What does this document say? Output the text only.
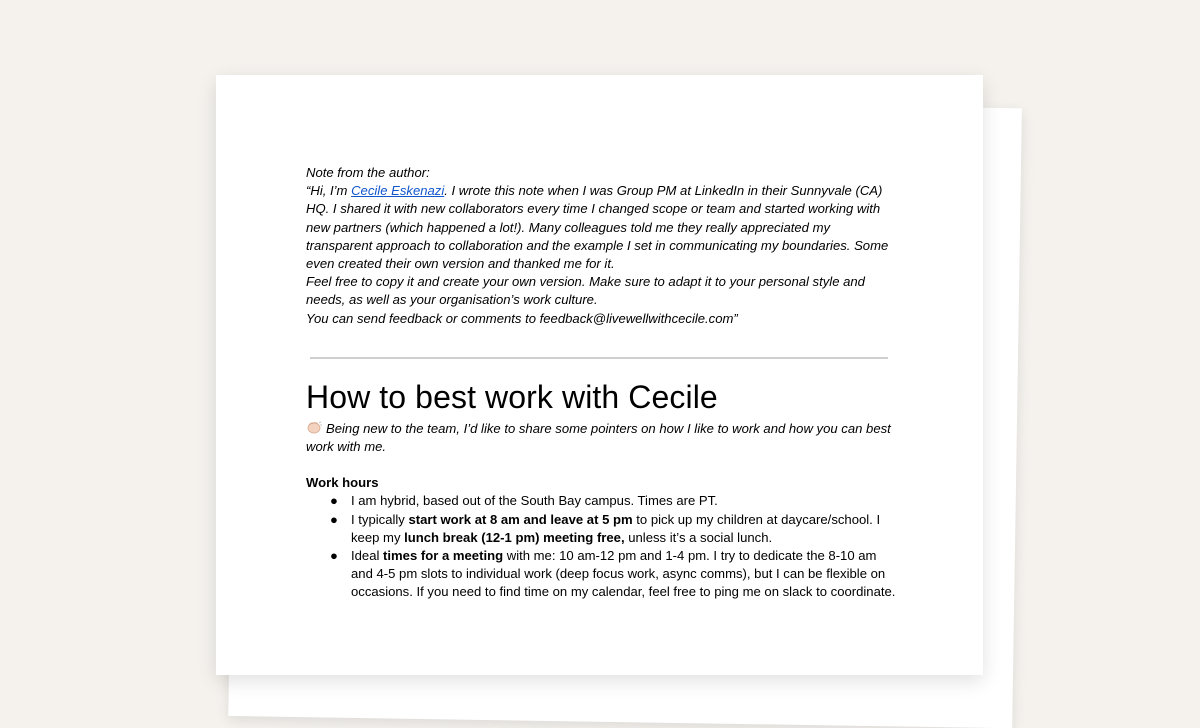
Note from the author:

“Hi, I’m Cecile Eskenazi. I wrote this note when I was Group PM at LinkedIn in their Sunnyvale (CA) HQ. I shared it with new collaborators every time I changed scope or team and started working with new partners (which happened a lot!). Many colleagues told me they really appreciated my transparent approach to collaboration and the example I set in communicating my boundaries. Some even created their own version and thanked me for it.

Feel free to copy it and create your own version. Make sure to adapt it to your personal style and needs, as well as your organisation’s work culture.

You can send feedback or comments to feedback@livewellwithcecile.com”

How to best work with Cecile

Being new to the team, I’d like to share some pointers on how I like to work and how you can best work with me.

Work hours

● I am hybrid, based out of the South Bay campus. Times are PT.
● I typically start work at 8 am and leave at 5 pm to pick up my children at daycare/school. I keep my lunch break (12-1 pm) meeting free, unless it’s a social lunch.
● Ideal times for a meeting with me: 10 am-12 pm and 1-4 pm. I try to dedicate the 8-10 am and 4-5 pm slots to individual work (deep focus work, async comms), but I can be flexible on occasions. If you need to find time on my calendar, feel free to ping me on slack to coordinate.
